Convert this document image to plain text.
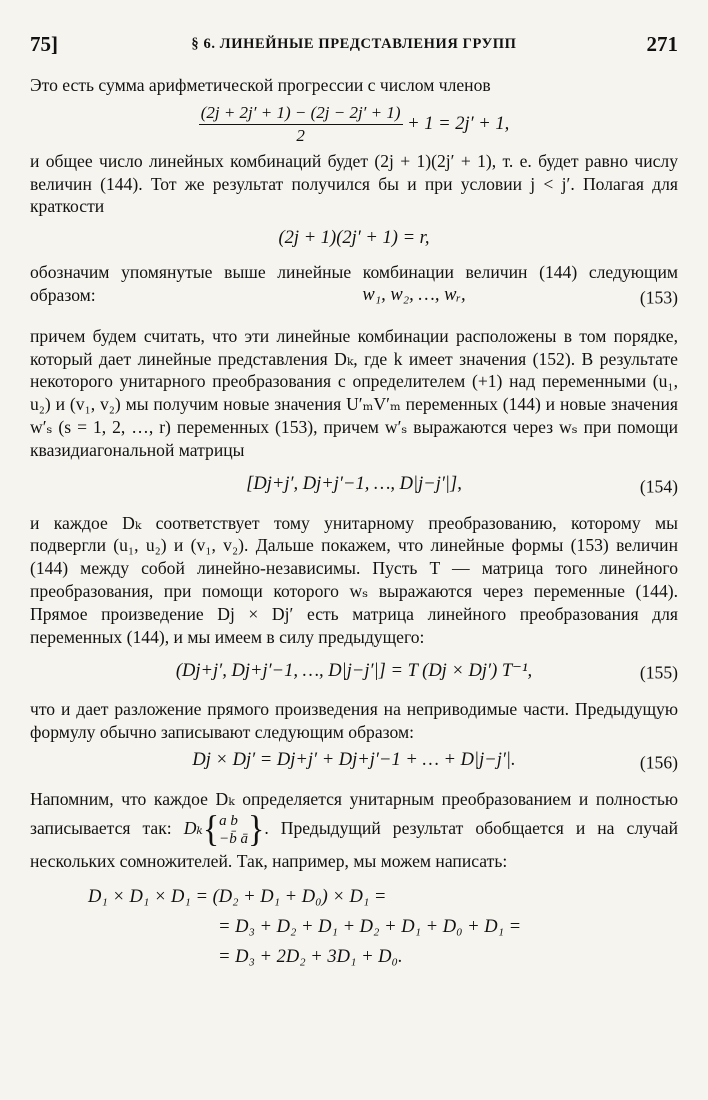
75]	§ 6. ЛИНЕЙНЫЕ ПРЕДСТАВЛЕНИЯ ГРУПП	271

Это есть сумма арифметической прогрессии с числом членов

$\frac{(2j + 2j' + 1) - (2j - 2j' + 1)}{2} + 1 = 2j' + 1$,

и общее число линейных комбинаций будет (2j + 1)(2j′ + 1), т. е. будет равно числу величин (144). Тот же результат получился бы и при условии j < j′. Полагая для краткости

(2j + 1)(2j′ + 1) = r,

обозначим упомянутые выше линейные комбинации величин (144) следующим образом:	w₁, w₂, …, wᵣ,	(153)

причем будем считать, что эти линейные комбинации расположены в том порядке, который дает линейные представления Dₖ, где k имеет значения (152). В результате некоторого унитарного преобразования с определителем (+1) над переменными (u₁, u₂) и (v₁, v₂) мы получим новые значения U′ₘV′ₘ переменных (144) и новые значения w′ₛ (s = 1, 2, …, r) переменных (153), причем w′ₛ выражаются через wₛ при помощи квазидиагональной матрицы

[Dj+j′, Dj+j′−1, …, D|j−j′|],	(154)

и каждое Dₖ соответствует тому унитарному преобразованию, которому мы подвергли (u₁, u₂) и (v₁, v₂). Дальше покажем, что линейные формы (153) величин (144) между собой линейно-независимы. Пусть T — матрица того линейного преобразования, при помощи которого wₛ выражаются через переменные (144). Прямое произведение Dj × Dj′ есть матрица линейного преобразования для переменных (144), и мы имеем в силу предыдущего:

(Dj+j′, Dj+j′−1, …, D|j−j′|] = T (Dj × Dj′) T⁻¹,	(155)

что и дает разложение прямого произведения на неприводимые части. Предыдущую формулу обычно записывают следующим образом:

Dj × Dj′ = Dj+j′ + Dj+j′−1 + … + D|j−j′|.	(156)

Напомним, что каждое Dₖ определяется унитарным преобразованием и полностью записывается так: Dₖ{ a b
−b̄ ā }. Предыдущий результат обобщается и на случай нескольких сомножителей. Так, например, мы можем написать:

D₁ × D₁ × D₁ = (D₂ + D₁ + D₀) × D₁ =
= D₃ + D₂ + D₁ + D₂ + D₁ + D₀ + D₁ =
= D₃ + 2D₂ + 3D₁ + D₀.
